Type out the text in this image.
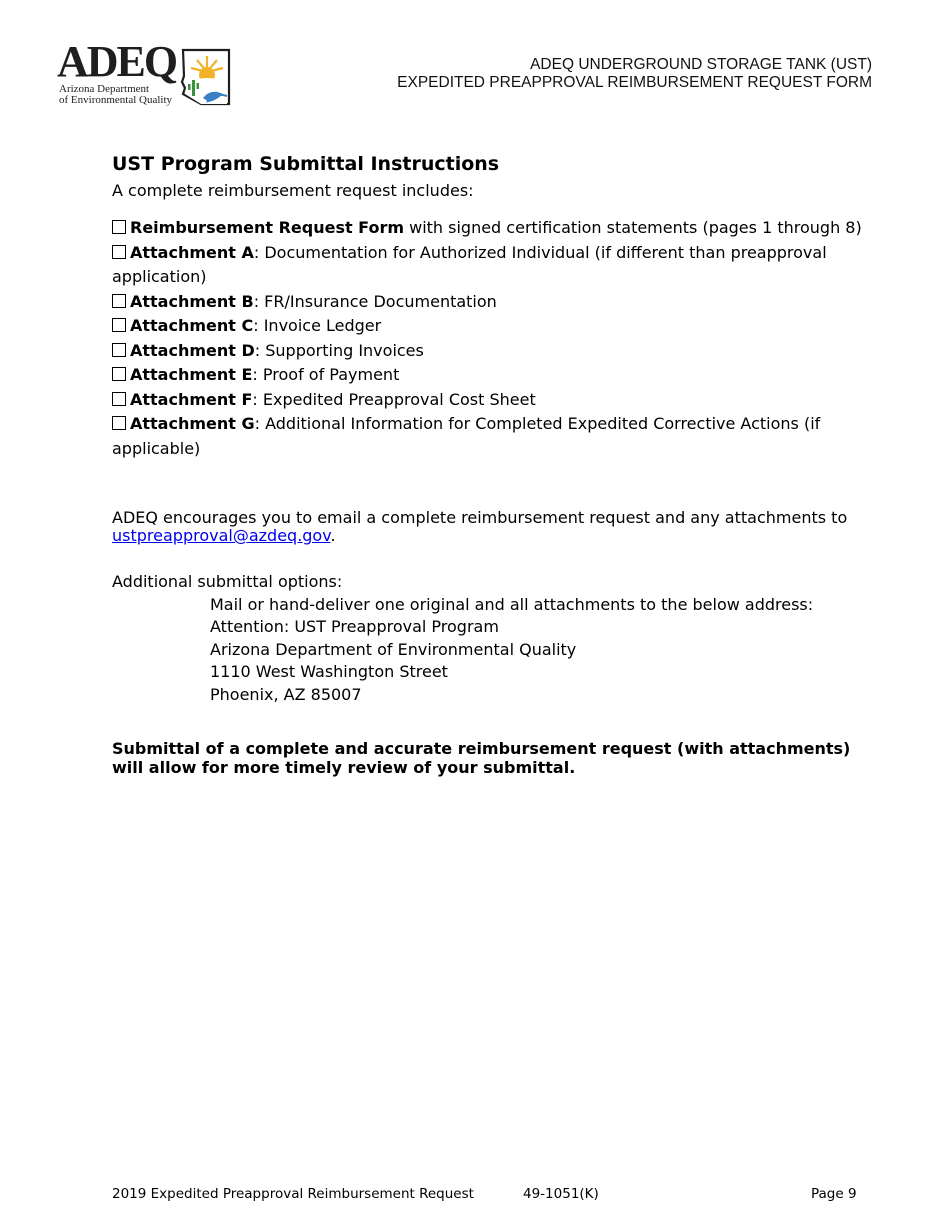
ADEQ
Arizona Department
of Environmental Quality
ADEQ UNDERGROUND STORAGE TANK (UST)
EXPEDITED PREAPPROVAL REIMBURSEMENT REQUEST FORM
UST Program Submittal Instructions
A complete reimbursement request includes:
Reimbursement Request Form with signed certification statements (pages 1 through 8)
Attachment A: Documentation for Authorized Individual (if different than preapproval application)
Attachment B: FR/Insurance Documentation
Attachment C: Invoice Ledger
Attachment D: Supporting Invoices
Attachment E: Proof of Payment
Attachment F: Expedited Preapproval Cost Sheet
Attachment G: Additional Information for Completed Expedited Corrective Actions (if applicable)
ADEQ encourages you to email a complete reimbursement request and any attachments to
ustpreapproval@azdeq.gov.
Additional submittal options:
Mail or hand-deliver one original and all attachments to the below address:
Attention: UST Preapproval Program
Arizona Department of Environmental Quality
1110 West Washington Street
Phoenix, AZ 85007
Submittal of a complete and accurate reimbursement request (with attachments) will allow for more timely review of your submittal.
2019 Expedited Preapproval Reimbursement Request	49-1051(K)	Page 9
